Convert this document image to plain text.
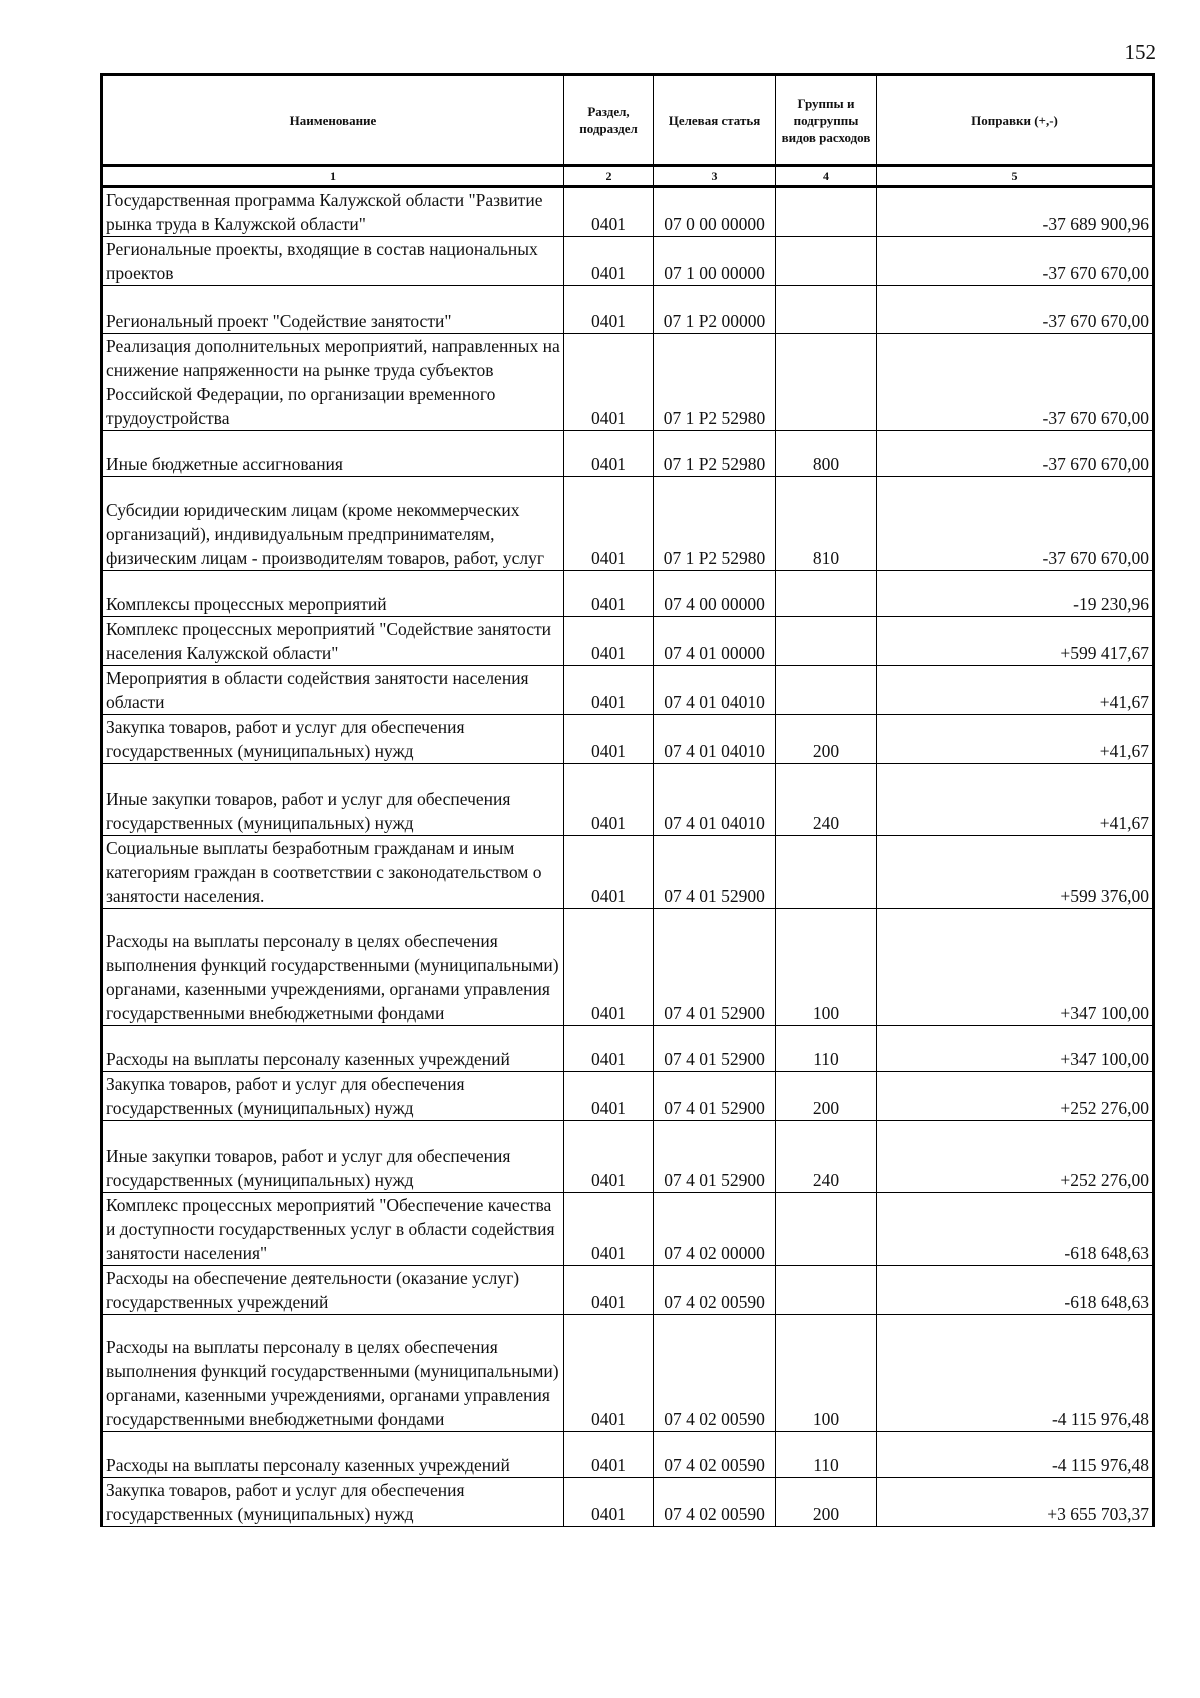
152
Наименование	Раздел, подраздел	Целевая статья	Группы и подгруппы видов расходов	Поправки (+,-)
1	2	3	4	5
Государственная программа Калужской области "Развитие рынка труда в Калужской области"	0401	07 0 00 00000		-37 689 900,96
Региональные проекты, входящие в состав национальных проектов	0401	07 1 00 00000		-37 670 670,00
Региональный проект "Содействие занятости"	0401	07 1 P2 00000		-37 670 670,00
Реализация дополнительных мероприятий, направленных на снижение напряженности на рынке труда субъектов Российской Федерации, по организации временного трудоустройства	0401	07 1 P2 52980		-37 670 670,00
Иные бюджетные ассигнования	0401	07 1 P2 52980	800	-37 670 670,00
Субсидии юридическим лицам (кроме некоммерческих организаций), индивидуальным предпринимателям, физическим лицам - производителям товаров, работ, услуг	0401	07 1 P2 52980	810	-37 670 670,00
Комплексы процессных мероприятий	0401	07 4 00 00000		-19 230,96
Комплекс процессных мероприятий "Содействие занятости населения Калужской области"	0401	07 4 01 00000		+599 417,67
Мероприятия в области содействия занятости населения области	0401	07 4 01 04010		+41,67
Закупка товаров, работ и услуг для обеспечения государственных (муниципальных) нужд	0401	07 4 01 04010	200	+41,67
Иные закупки товаров, работ и услуг для обеспечения государственных (муниципальных) нужд	0401	07 4 01 04010	240	+41,67
Социальные выплаты безработным гражданам и иным категориям граждан в соответствии с законодательством о занятости населения.	0401	07 4 01 52900		+599 376,00
Расходы на выплаты персоналу в целях обеспечения выполнения функций государственными (муниципальными) органами, казенными учреждениями, органами управления государственными внебюджетными фондами	0401	07 4 01 52900	100	+347 100,00
Расходы на выплаты персоналу казенных учреждений	0401	07 4 01 52900	110	+347 100,00
Закупка товаров, работ и услуг для обеспечения государственных (муниципальных) нужд	0401	07 4 01 52900	200	+252 276,00
Иные закупки товаров, работ и услуг для обеспечения государственных (муниципальных) нужд	0401	07 4 01 52900	240	+252 276,00
Комплекс процессных мероприятий "Обеспечение качества и доступности государственных услуг в области содействия занятости населения"	0401	07 4 02 00000		-618 648,63
Расходы на обеспечение деятельности (оказание услуг) государственных учреждений	0401	07 4 02 00590		-618 648,63
Расходы на выплаты персоналу в целях обеспечения выполнения функций государственными (муниципальными) органами, казенными учреждениями, органами управления государственными внебюджетными фондами	0401	07 4 02 00590	100	-4 115 976,48
Расходы на выплаты персоналу казенных учреждений	0401	07 4 02 00590	110	-4 115 976,48
Закупка товаров, работ и услуг для обеспечения государственных (муниципальных) нужд	0401	07 4 02 00590	200	+3 655 703,37
